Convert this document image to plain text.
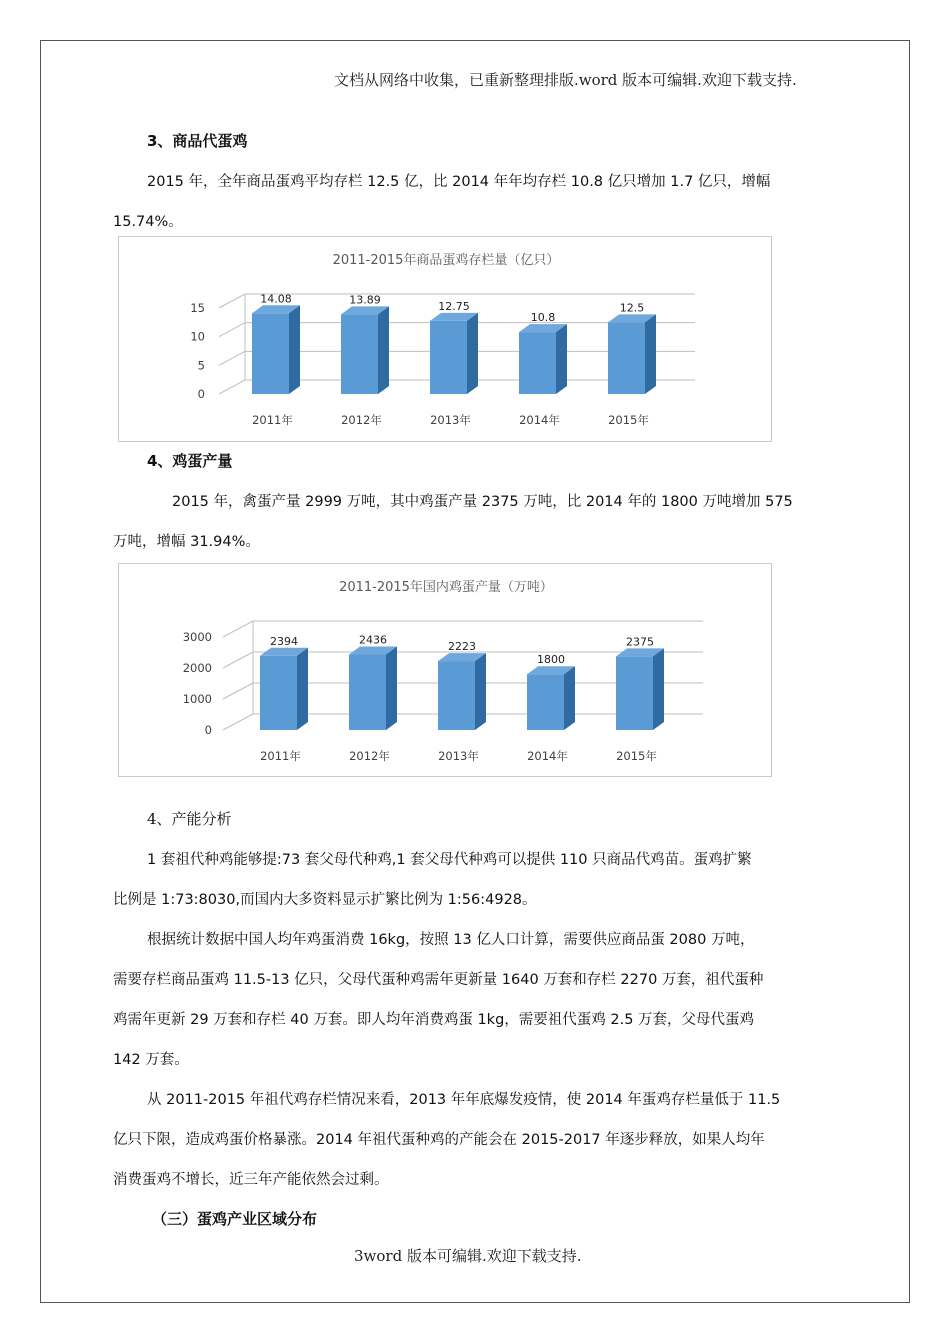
文档从网络中收集，已重新整理排版.word 版本可编辑.欢迎下载支持.
3、商品代蛋鸡
2015 年，全年商品蛋鸡平均存栏 12.5 亿，比 2014 年年均存栏 10.8 亿只增加 1.7 亿只，增幅
15.74%。
2011-2015年商品蛋鸡存栏量（亿只）
0
5
10
15
14.08
2011年
13.89
2012年
12.75
2013年
10.8
2014年
12.5
2015年
4、鸡蛋产量
2015 年，禽蛋产量 2999 万吨，其中鸡蛋产量 2375 万吨，比 2014 年的 1800 万吨增加 575
万吨，增幅 31.94%。
2011-2015年国内鸡蛋产量（万吨）
0
1000
2000
3000	2394
2011年
2436
2012年
2223
2013年
1800
2014年
2375
2015年
4、产能分析
1 套祖代种鸡能够提:73 套父母代种鸡,1 套父母代种鸡可以提供 110 只商品代鸡苗。蛋鸡扩繁
比例是 1:73:8030,而国内大多资料显示扩繁比例为 1:56:4928。
根据统计数据中国人均年鸡蛋消费 16kg，按照 13 亿人口计算，需要供应商品蛋 2080 万吨，
需要存栏商品蛋鸡 11.5-13 亿只，父母代蛋种鸡需年更新量 1640 万套和存栏 2270 万套，祖代蛋种
鸡需年更新 29 万套和存栏 40 万套。即人均年消费鸡蛋 1kg，需要祖代蛋鸡 2.5 万套，父母代蛋鸡
142 万套。
从 2011-2015 年祖代鸡存栏情况来看，2013 年年底爆发疫情，使 2014 年蛋鸡存栏量低于 11.5
亿只下限，造成鸡蛋价格暴涨。2014 年祖代蛋种鸡的产能会在 2015-2017 年逐步释放，如果人均年
消费蛋鸡不增长，近三年产能依然会过剩。
（三）蛋鸡产业区域分布
3word 版本可编辑.欢迎下载支持.
